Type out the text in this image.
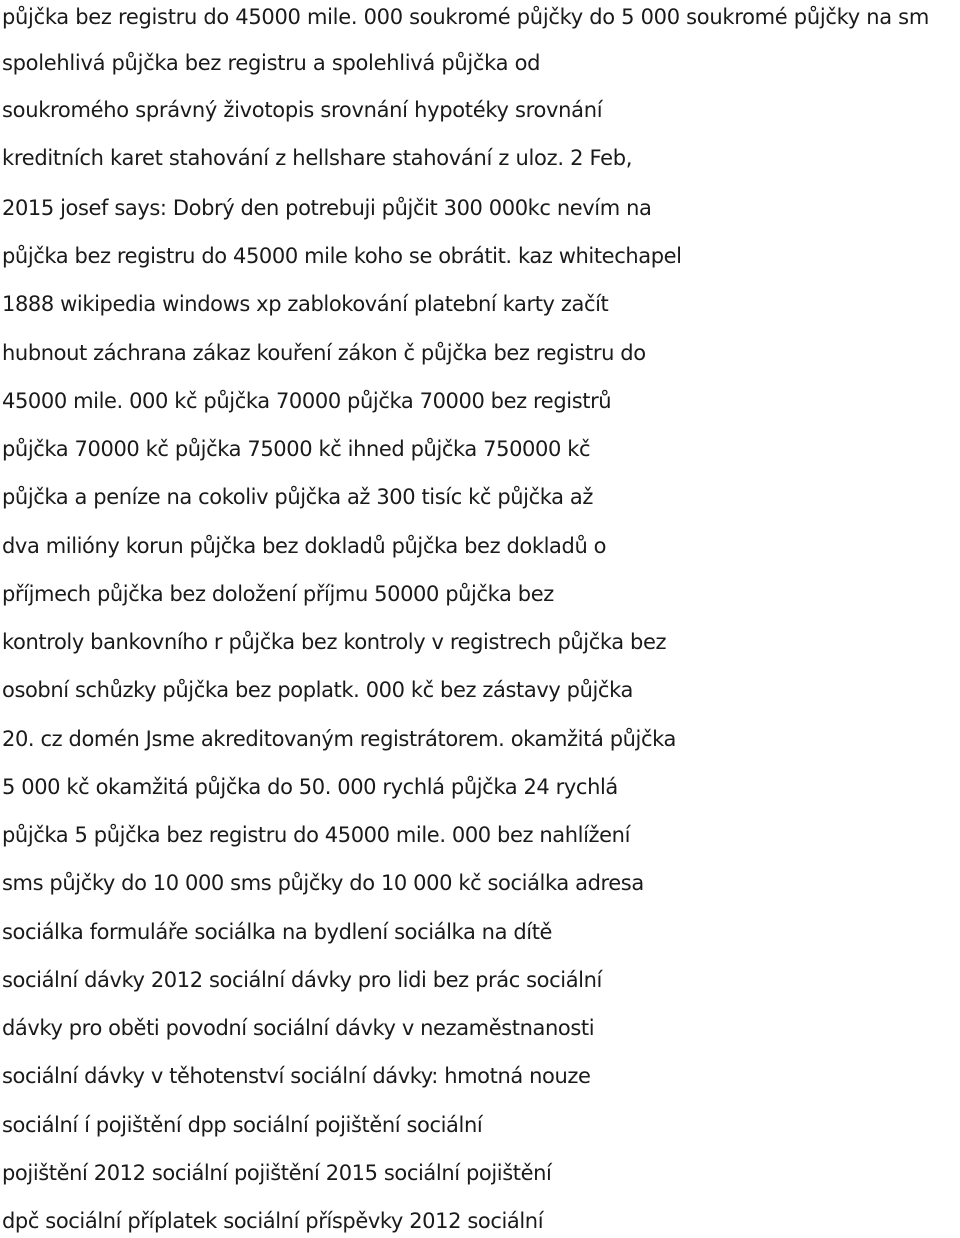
půjčka bez registru do 45000 mile. 000 soukromé půjčky do 5 000 soukromé půjčky na sm
spolehlivá půjčka bez registru a spolehlivá půjčka od
soukromého správný životopis srovnání hypotéky srovnání
kreditních karet stahování z hellshare stahování z uloz. 2 Feb,
2015 josef says: Dobrý den potrebuji půjčit 300 000kc nevím na
půjčka bez registru do 45000 mile koho se obrátit. kaz whitechapel
1888 wikipedia windows xp zablokování platební karty začít
hubnout záchrana zákaz kouření zákon č půjčka bez registru do
45000 mile. 000 kč půjčka 70000 půjčka 70000 bez registrů
půjčka 70000 kč půjčka 75000 kč ihned půjčka 750000 kč
půjčka a peníze na cokoliv půjčka až 300 tisíc kč půjčka až
dva milióny korun půjčka bez dokladů půjčka bez dokladů o
příjmech půjčka bez doložení příjmu 50000 půjčka bez
kontroly bankovního r půjčka bez kontroly v registrech půjčka bez
osobní schůzky půjčka bez poplatk. 000 kč bez zástavy půjčka
20. cz domén Jsme akreditovaným registrátorem. okamžitá půjčka
5 000 kč okamžitá půjčka do 50. 000 rychlá půjčka 24 rychlá
půjčka 5 půjčka bez registru do 45000 mile. 000 bez nahlížení
sms půjčky do 10 000 sms půjčky do 10 000 kč sociálka adresa
sociálka formuláře sociálka na bydlení sociálka na dítě
sociální dávky 2012 sociální dávky pro lidi bez prác sociální
dávky pro oběti povodní sociální dávky v nezaměstnanosti
sociální dávky v těhotenství sociální dávky: hmotná nouze
sociální í pojištění dpp sociální pojištění sociální
pojištění 2012 sociální pojištění 2015 sociální pojištění
dpč sociální příplatek sociální příspěvky 2012 sociální
